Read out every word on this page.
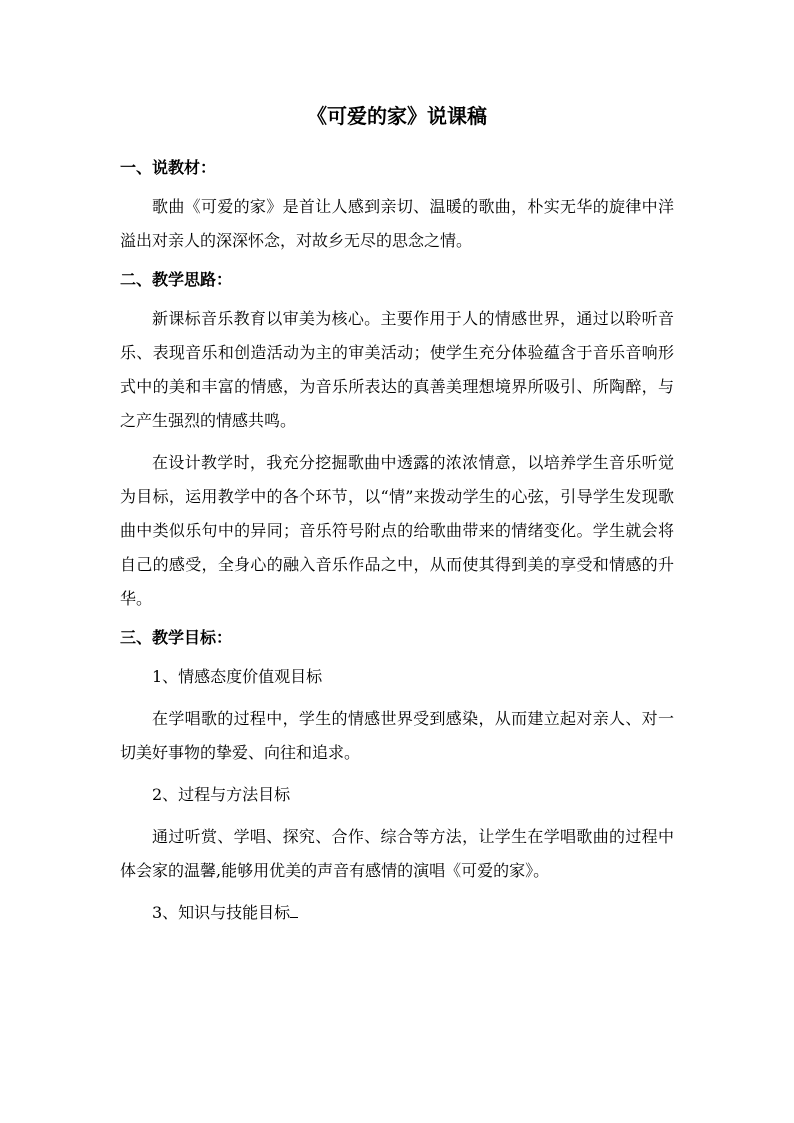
《可爱的家》说课稿
一、说教材：
歌曲《可爱的家》是首让人感到亲切、温暖的歌曲，朴实无华的旋律中洋溢出对亲人的深深怀念，对故乡无尽的思念之情。
二、教学思路：
新课标音乐教育以审美为核心。主要作用于人的情感世界，通过以聆听音乐、表现音乐和创造活动为主的审美活动；使学生充分体验蕴含于音乐音响形式中的美和丰富的情感，为音乐所表达的真善美理想境界所吸引、所陶醉，与之产生强烈的情感共鸣。
在设计教学时，我充分挖掘歌曲中透露的浓浓情意，以培养学生音乐听觉为目标，运用教学中的各个环节，以“情”来拨动学生的心弦，引导学生发现歌曲中类似乐句中的异同；音乐符号附点的给歌曲带来的情绪变化。学生就会将自己的感受，全身心的融入音乐作品之中，从而使其得到美的享受和情感的升华。
三、教学目标：
1、情感态度价值观目标
在学唱歌的过程中，学生的情感世界受到感染，从而建立起对亲人、对一切美好事物的挚爱、向往和追求。
2、过程与方法目标
通过听赏、学唱、探究、合作、综合等方法，让学生在学唱歌曲的过程中体会家的温馨,能够用优美的声音有感情的演唱《可爱的家》。
3、知识与技能目标
